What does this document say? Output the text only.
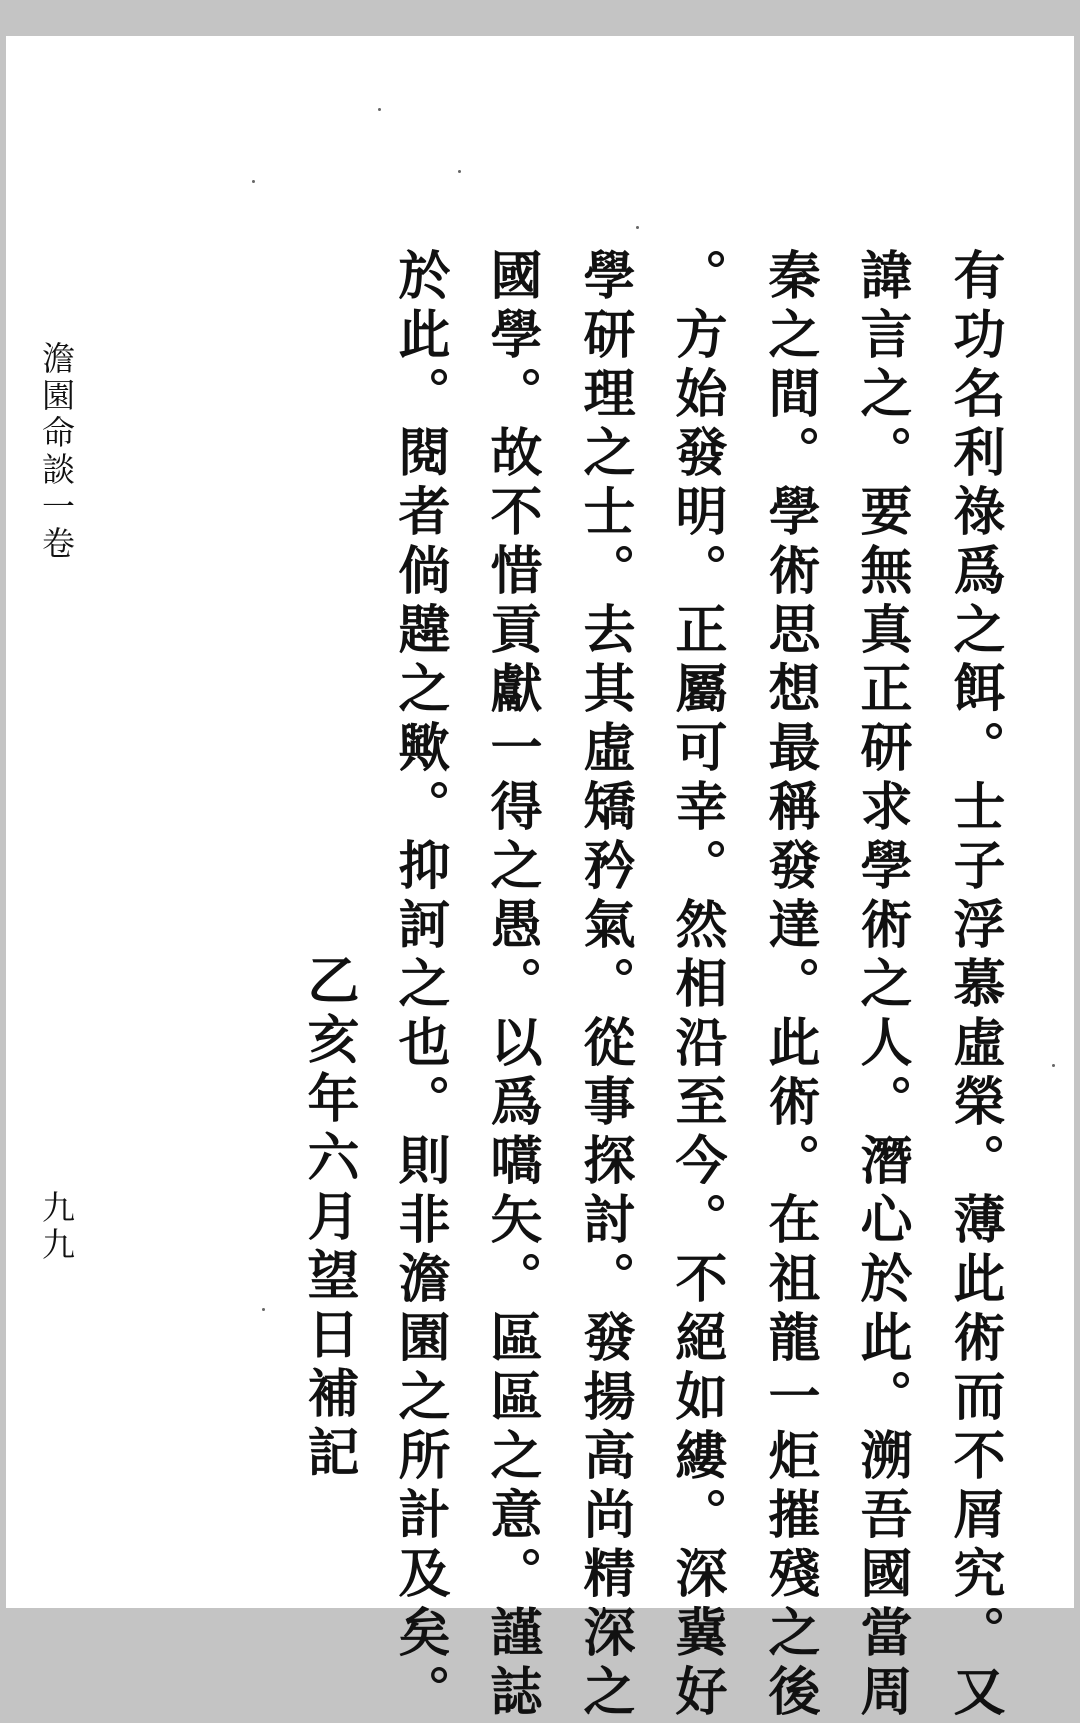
有功名利祿爲之餌。士子浮慕虛榮。薄此術而不屑究。又
諱言之。要無真正研求學術之人。潛心於此。溯吾國當周
秦之間。學術思想最稱發達。此術。在祖龍一炬摧殘之後
。方始發明。正屬可幸。然相沿至今。不絕如縷。深冀好
學研理之士。去其虛矯矜氣。從事探討。發揚高尚精深之
國學。故不惜貢獻一得之愚。以爲嚆矢。區區之意。謹誌
於此。閱者倘韙之歟。抑訶之也。則非澹園之所計及矣。
乙亥年六月望日補記
澹園命談一卷
九九
